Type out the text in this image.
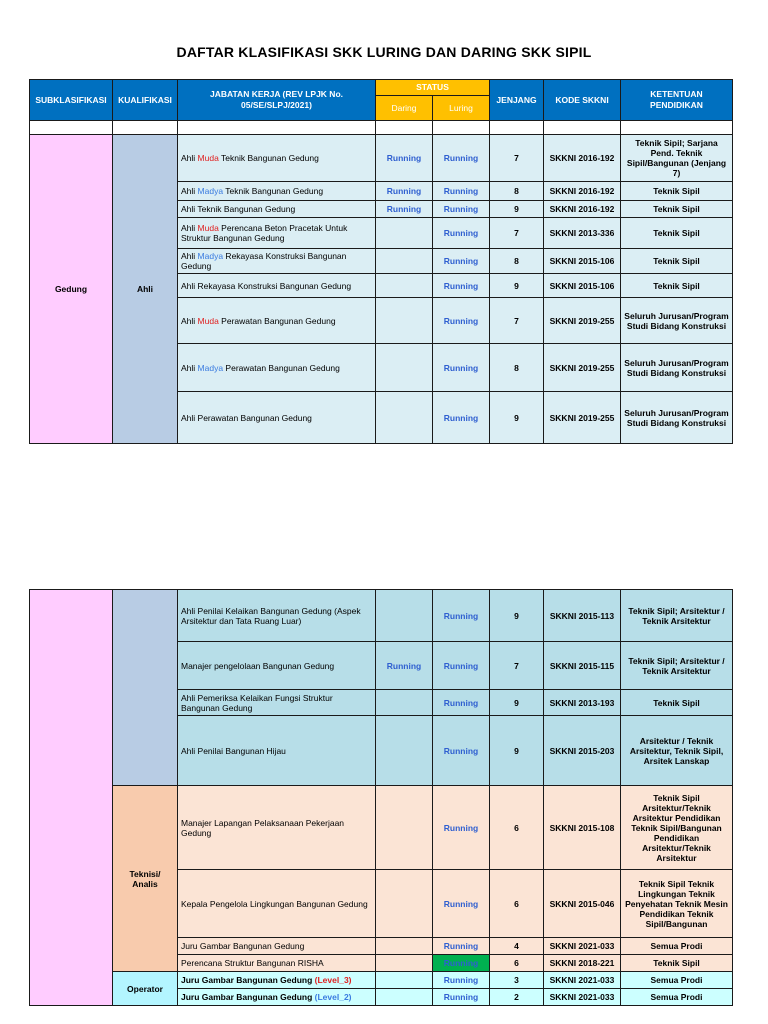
DAFTAR KLASIFIKASI SKK LURING DAN DARING SKK SIPIL
SUBKLASIFIKASI	KUALIFIKASI	JABATAN KERJA (REV LPJK No. 05/SE/SLPJ/2021)	STATUS		JENJANG	KODE SKKNI	KETENTUAN PENDIDIKAN
			Daring	Luring			

Gedung	Ahli	Ahli Muda Teknik Bangunan Gedung	Running	Running	7	SKKNI 2016-192	Teknik Sipil; Sarjana Pend. Teknik Sipil/Bangunan (Jenjang 7)
		Ahli Madya Teknik Bangunan Gedung	Running	Running	8	SKKNI 2016-192	Teknik Sipil
		Ahli Teknik Bangunan Gedung	Running	Running	9	SKKNI 2016-192	Teknik Sipil
		Ahli Muda Perencana Beton Pracetak Untuk Struktur Bangunan Gedung		Running	7	SKKNI 2013-336	Teknik Sipil
		Ahli Madya Rekayasa Konstruksi Bangunan Gedung		Running	8	SKKNI 2015-106	Teknik Sipil
		Ahli Rekayasa Konstruksi Bangunan Gedung		Running	9	SKKNI 2015-106	Teknik Sipil
		Ahli Muda Perawatan Bangunan Gedung		Running	7	SKKNI 2019-255	Seluruh Jurusan/Program Studi Bidang Konstruksi
		Ahli Madya Perawatan Bangunan Gedung		Running	8	SKKNI 2019-255	Seluruh Jurusan/Program Studi Bidang Konstruksi
		Ahli Perawatan Bangunan Gedung		Running	9	SKKNI 2019-255	Seluruh Jurusan/Program Studi Bidang Konstruksi
		Ahli Penilai Kelaikan Bangunan Gedung (Aspek Arsitektur dan Tata Ruang Luar)		Running	9	SKKNI 2015-113	Teknik Sipil; Arsitektur / Teknik Arsitektur
		Manajer pengelolaan Bangunan Gedung	Running	Running	7	SKKNI 2015-115	Teknik Sipil; Arsitektur / Teknik Arsitektur
		Ahli Pemeriksa Kelaikan Fungsi Struktur Bangunan Gedung		Running	9	SKKNI 2013-193	Teknik Sipil
		Ahli Penilai Bangunan Hijau		Running	9	SKKNI 2015-203	Arsitektur / Teknik Arsitektur, Teknik Sipil, Arsitek Lanskap
	Teknisi/ Analis	Manajer Lapangan Pelaksanaan Pekerjaan Gedung		Running	6	SKKNI 2015-108	Teknik Sipil Arsitektur/Teknik Arsitektur Pendidikan Teknik Sipil/Bangunan Pendidikan Arsitektur/Teknik Arsitektur
		Kepala Pengelola Lingkungan Bangunan Gedung		Running	6	SKKNI 2015-046	Teknik Sipil Teknik Lingkungan Teknik Penyehatan Teknik Mesin Pendidikan Teknik Sipil/Bangunan
		Juru Gambar Bangunan Gedung		Running	4	SKKNI 2021-033	Semua Prodi
		Perencana Struktur Bangunan RISHA		Running	6	SKKNI 2018-221	Teknik Sipil
	Operator	Juru Gambar Bangunan Gedung (Level_3)		Running	3	SKKNI 2021-033	Semua Prodi
		Juru Gambar Bangunan Gedung (Level_2)		Running	2	SKKNI 2021-033	Semua Prodi
